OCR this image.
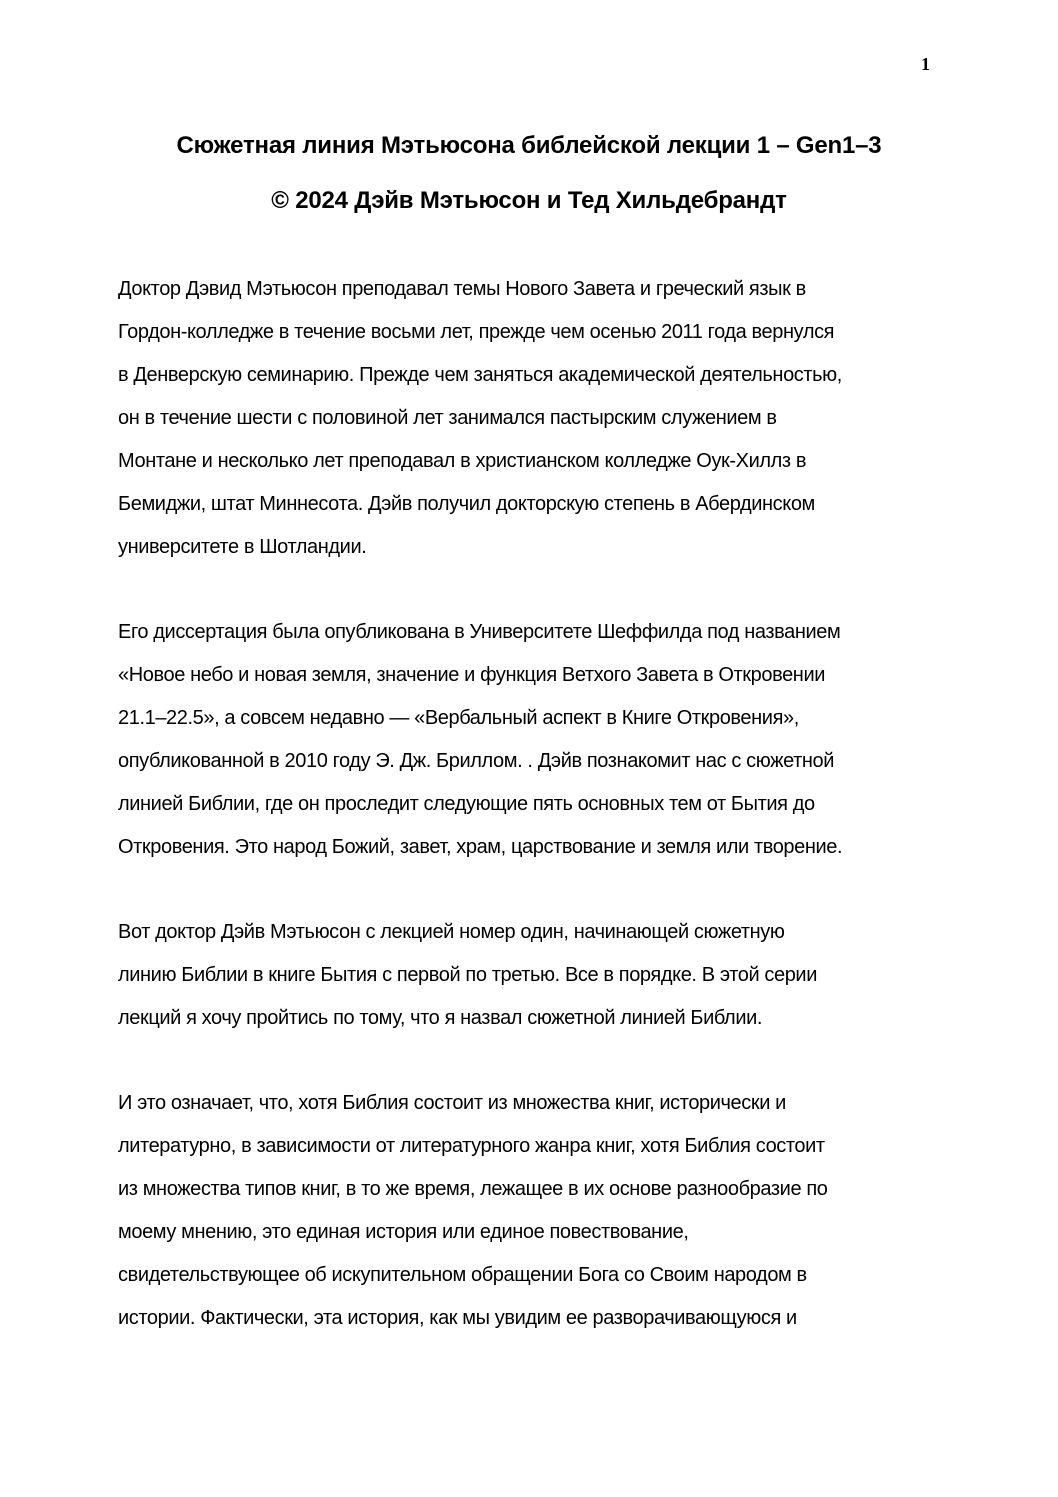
1
Сюжетная линия Мэтьюсона библейской лекции 1 – Gen1–3
© 2024 Дэйв Мэтьюсон и Тед Хильдебрандт

Доктор Дэвид Мэтьюсон преподавал темы Нового Завета и греческий язык в
Гордон-колледже в течение восьми лет, прежде чем осенью 2011 года вернулся
в Денверскую семинарию. Прежде чем заняться академической деятельностью,
он в течение шести с половиной лет занимался пастырским служением в
Монтане и несколько лет преподавал в христианском колледже Оук-Хиллз в
Бемиджи, штат Миннесота. Дэйв получил докторскую степень в Абердинском
университете в Шотландии.

Его диссертация была опубликована в Университете Шеффилда под названием
«Новое небо и новая земля, значение и функция Ветхого Завета в Откровении
21.1–22.5», а совсем недавно — «Вербальный аспект в Книге Откровения»,
опубликованной в 2010 году Э. Дж. Бриллом. . Дэйв познакомит нас с сюжетной
линией Библии, где он проследит следующие пять основных тем от Бытия до
Откровения. Это народ Божий, завет, храм, царствование и земля или творение.

Вот доктор Дэйв Мэтьюсон с лекцией номер один, начинающей сюжетную
линию Библии в книге Бытия с первой по третью. Все в порядке. В этой серии
лекций я хочу пройтись по тому, что я назвал сюжетной линией Библии.

И это означает, что, хотя Библия состоит из множества книг, исторически и
литературно, в зависимости от литературного жанра книг, хотя Библия состоит
из множества типов книг, в то же время, лежащее в их основе разнообразие по
моему мнению, это единая история или единое повествование,
свидетельствующее об искупительном обращении Бога со Своим народом в
истории. Фактически, эта история, как мы увидим ее разворачивающуюся и
